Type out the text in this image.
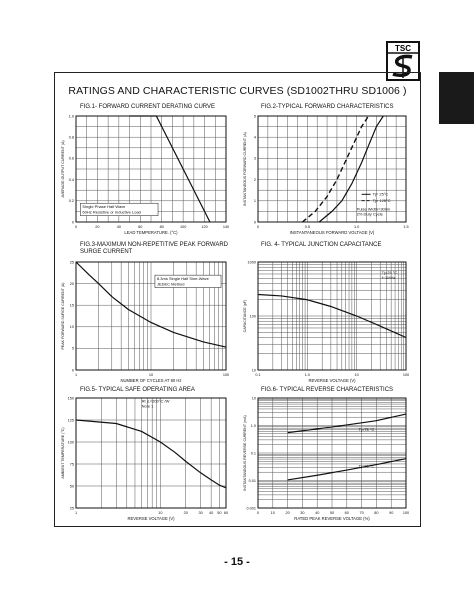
TSC
RATINGS AND CHARACTERISTIC CURVES (SD1002THRU SD1006 )
FIG.1- FORWARD CURRENT DERATING CURVE
0	20	40	60	80	100	120	140
0
0.2
0.4
0.6
0.8
1.0
LEAD TEMPERATURE. (°C)
AVERAGE OUTPUT CURRENT (A)
Single Phase Half Wave
60Hz Resistive or Inductive Load
FIG.2-TYPICAL FORWARD CHARACTERISTICS
0	0.5	1.0	1.5
0
1
2
3
4
5
INSTANTANEOUS FORWARD VOLTAGE (V)
INSTANTANEOUS FORWARD CURRENT (A)	Tj= 25°C
Tj= 125°C
Pulse Width=300m
2% Duty Cycle
FIG.3-MAXIMUM NON-REPETITIVE PEAK FORWARD
SURGE CURRENT
1	10	100
0
5
10
15
20
25
NUMBER OF CYCLES AT 60 Hz
PEAK FORWARD SURGE CURRENT (A)
8.3ms Single Half Sine-Wave
JEDEC Method
FIG. 4- TYPICAL JUNCTION CAPACITANCE
0.1	1.0	10	100
10
100
1000
REVERSE VOLTAGE (V)
CAPACITANCE (pF)
Tj=25 °C
f=1MHz
FIG.5- TYPICAL SAFE OPERATING AREA
1	10	20	30 40 50 60
25
50
75
100
125
150
REVERSE VOLTAGE (V)
AMBIENT TEMPERATURE (°C)
Rt jL=200°C /W
Note 1
FIG.6- TYPICAL REVERSE CHARACTERISTICS
0	10	20	30	40	50	60	70	80	90	100
0.001
0.01
0.1
1.0
10
RATED PEAK REVERSE VOLTAGE (%)
INSTANTANEOUS REVERSE CURRENT (mA)	Tj=75 °C
Tj=25 °C
- 15 -
